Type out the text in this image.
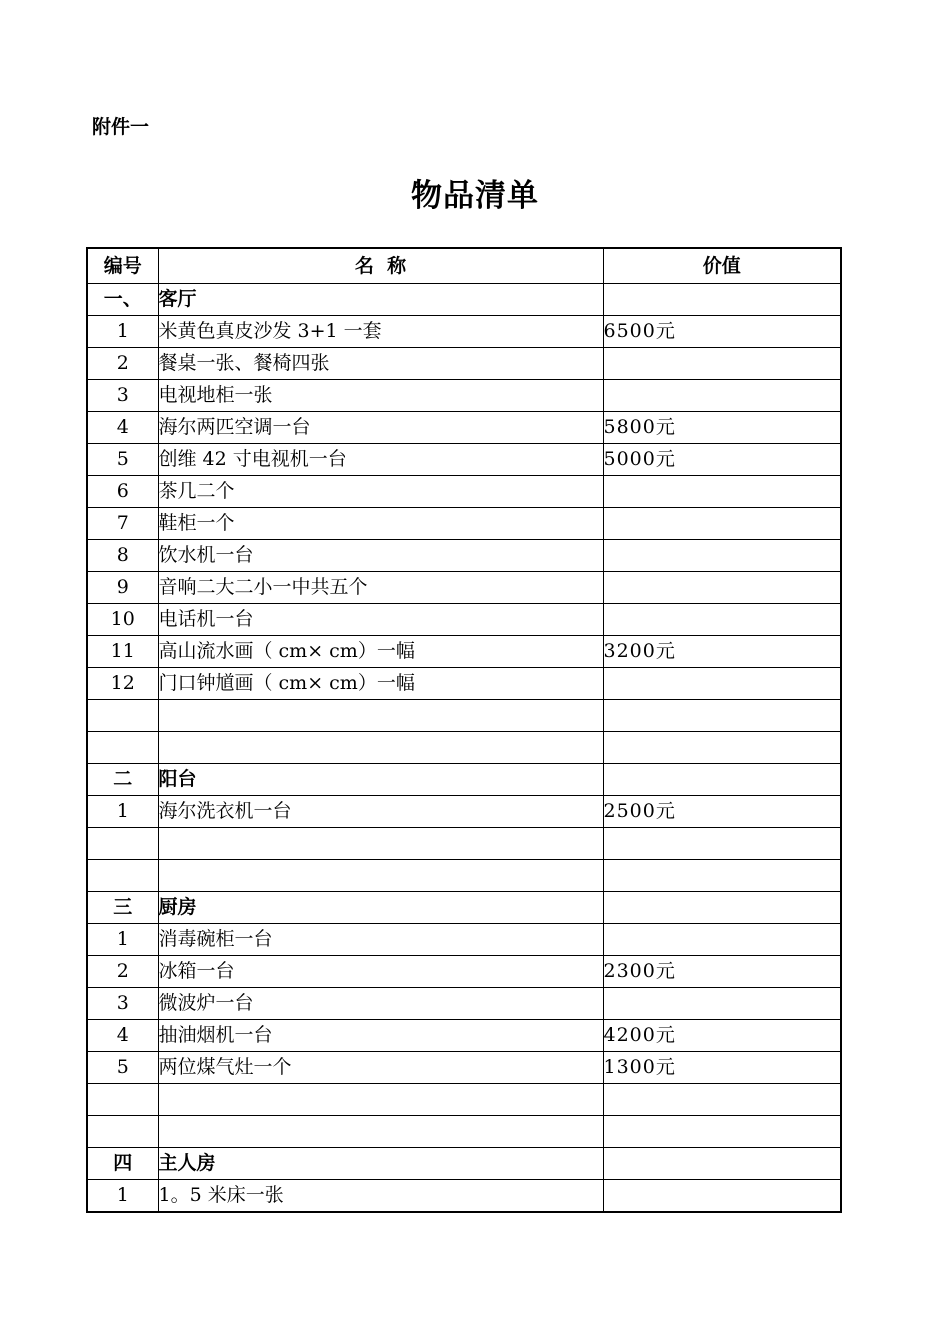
附件一
物品清单
编号	名  称	价值
一、	客厅	
1	米黄色真皮沙发 3+1 一套	6500元
2	餐桌一张、餐椅四张	
3	电视地柜一张	
4	海尔两匹空调一台	5800元
5	创维 42 寸电视机一台	5000元
6	茶几二个	
7	鞋柜一个	
8	饮水机一台	
9	音响二大二小一中共五个	
10	电话机一台	
11	高山流水画（ cm× cm）一幅	3200元
12	门口钟馗画（ cm× cm）一幅	

二	阳台	
1	海尔洗衣机一台	2500元

三	厨房	
1	消毒碗柜一台	
2	冰箱一台	2300元
3	微波炉一台	
4	抽油烟机一台	4200元
5	两位煤气灶一个	1300元

四	主人房	
1	1。5 米床一张	
